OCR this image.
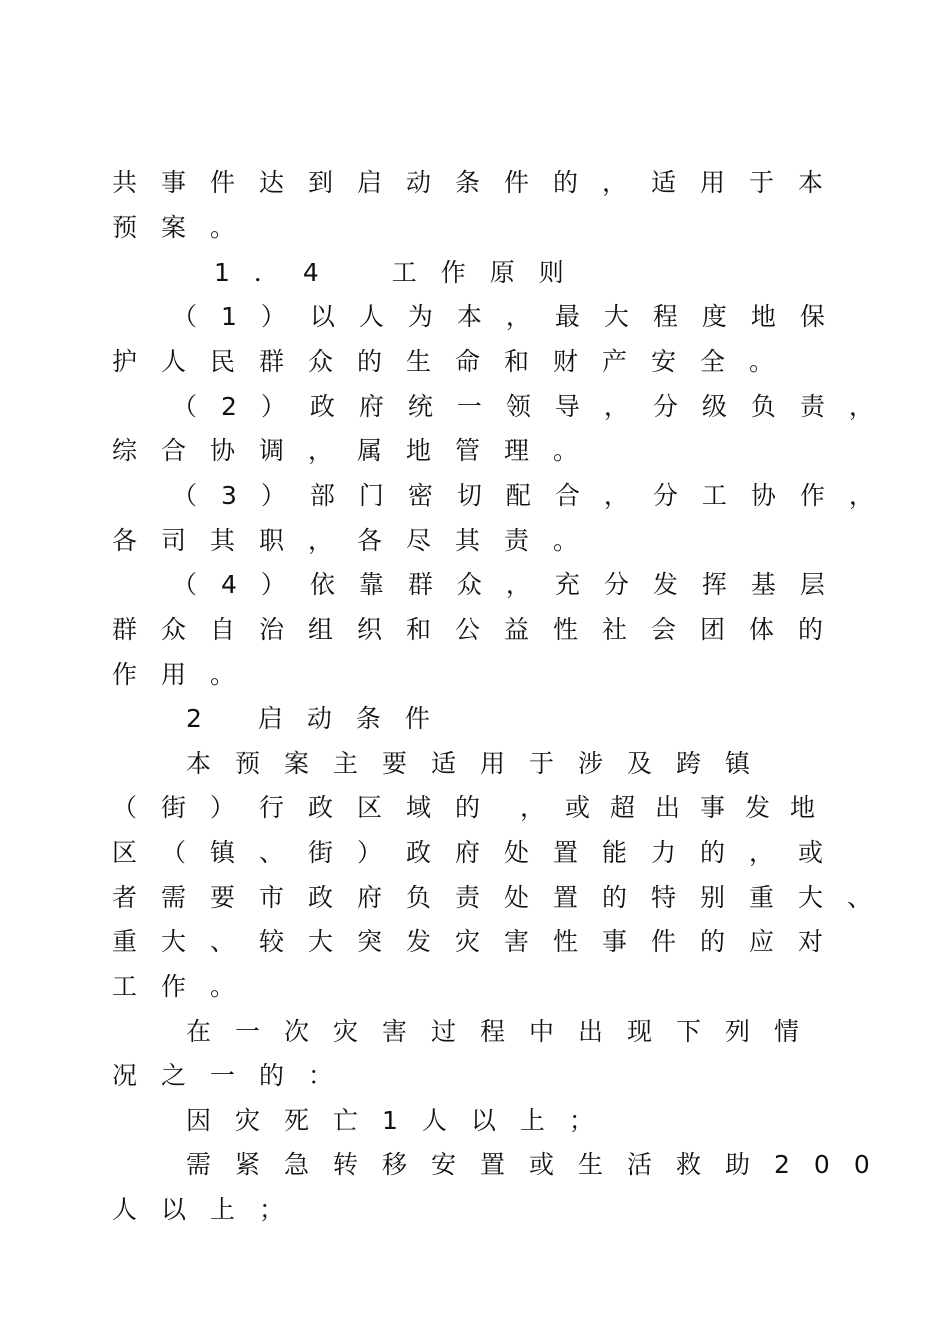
共事件达到启动条件的，适用于本
预案。
1．4　工作原则
（1）以人为本，最大程度地保
护人民群众的生命和财产安全。
（2）政府统一领导，分级负责，
综合协调，属地管理。
（3）部门密切配合，分工协作，
各司其职，各尽其责。
（4）依靠群众，充分发挥基层
群众自治组织和公益性社会团体的
作用。
2 启动条件
本预案主要适用于涉及跨镇
（街）行政区域的 ，或超出事发地
区（镇、街）政府处置能力的，或
者需要市政府负责处置的特别重大、
重大、较大突发灾害性事件的应对
工作。
在一次灾害过程中出现下列情
况之一的：
因灾死亡1人以上；
需紧急转移安置或生活救助200
人以上；
